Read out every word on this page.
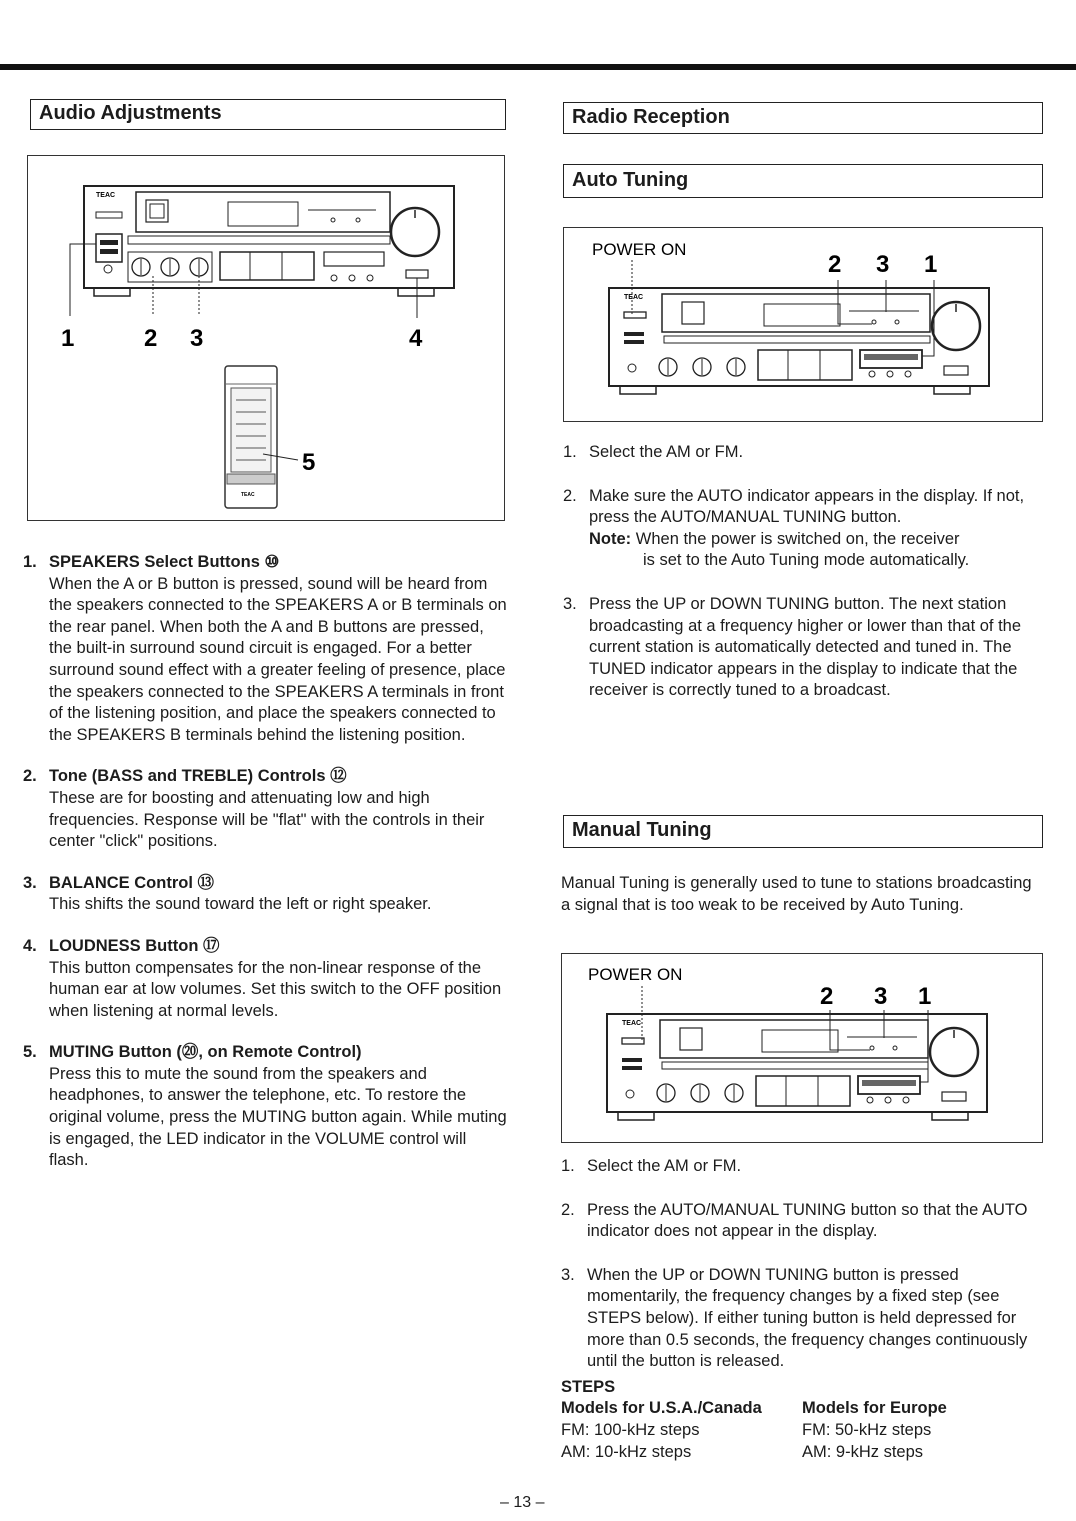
Audio Adjustments
TEAC
1	2 3	4
TEAC
5
1. SPEAKERS Select Buttons ⑩

When the A or B button is pressed, sound will be heard from the speakers connected to the SPEAKERS A or B terminals on the rear panel. When both the A and B buttons are pressed, the built-in surround sound circuit is engaged. For a better surround sound effect with a greater feeling of presence, place the speakers connected to the SPEAKERS A terminals in front of the listening position, and place the speakers connected to the SPEAKERS B terminals behind the listening position.

2. Tone (BASS and TREBLE) Controls ⑫

These are for boosting and attenuating low and high frequencies. Response will be "flat" with the controls in their center "click" positions.

3. BALANCE Control ⑬

This shifts the sound toward the left or right speaker.

4. LOUDNESS Button ⑰

This button compensates for the non-linear response of the human ear at low volumes. Set this switch to the OFF position when listening at normal levels.

5. MUTING Button (⑳, on Remote Control)

Press this to mute the sound from the speakers and headphones, to answer the telephone, etc. To restore the original volume, press the MUTING button again. While muting is engaged, the LED indicator in the VOLUME control will flash.

Radio Reception
Auto Tuning
POWER ON
2 3 1
TEAC
1. Select the AM or FM.

2. Make sure the AUTO indicator appears in the display. If not, press the AUTO/MANUAL TUNING button.

Note: When the power is switched on, the receiver

is set to the Auto Tuning mode automatically.

3. Press the UP or DOWN TUNING button. The next station broadcasting at a frequency higher or lower than that of the current station is automatically detected and tuned in. The TUNED indicator appears in the display to indicate that the receiver is correctly tuned to a broadcast.

Manual Tuning

Manual Tuning is generally used to tune to stations broadcasting a signal that is too weak to be received by Auto Tuning.

POWER ON
2 3 1
TEAC
1. Select the AM or FM.

2. Press the AUTO/MANUAL TUNING button so that the AUTO indicator does not appear in the display.

3. When the UP or DOWN TUNING button is pressed momentarily, the frequency changes by a fixed step (see STEPS below). If either tuning button is held depressed for more than 0.5 seconds, the frequency changes continuously until the button is released.

STEPS
Models for U.S.A./Canada
FM: 100-kHz steps
AM: 10-kHz steps
Models for Europe
FM: 50-kHz steps
AM: 9-kHz steps
– 13 –
